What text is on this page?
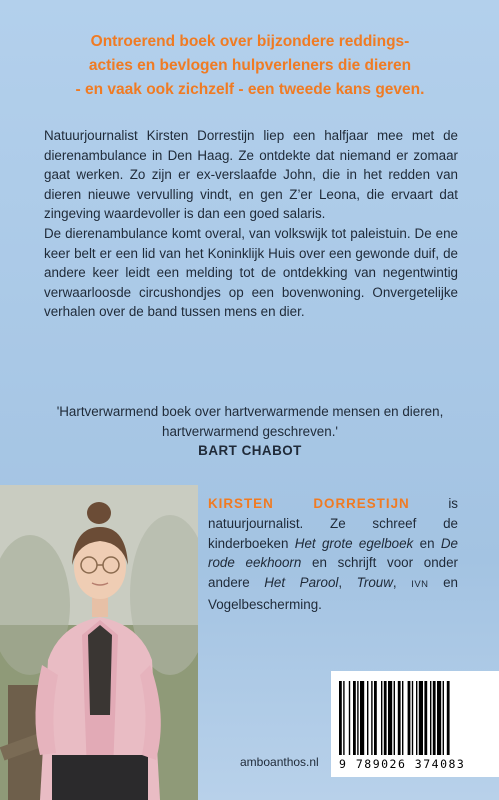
Ontroerend boek over bijzondere reddings-
acties en bevlogen hulpverleners die dieren
- en vaak ook zichzelf - een tweede kans geven.

Natuurjournalist Kirsten Dorrestijn liep een halfjaar mee met de dierenambulance in Den Haag. Ze ontdekte dat niemand er zomaar gaat werken. Zo zijn er ex-verslaafde John, die in het redden van dieren nieuwe vervulling vindt, en gen Z’er Leona, die ervaart dat zingeving waardevoller is dan een goed salaris.

De dierenambulance komt overal, van volkswijk tot paleistuin. De ene keer belt er een lid van het Koninklijk Huis over een gewonde duif, de andere keer leidt een melding tot de ontdekking van negentwintig verwaarloosde circushondjes op een bovenwoning. Onvergetelijke verhalen over de band tussen mens en dier.

'Hartverwarmend boek over hartverwarmende mensen en dieren, hartverwarmend geschreven.'
BART CHABOT
KIRSTEN DORRESTIJN is natuurjournalist. Ze schreef de kinderboeken Het grote egelboek en De rode eekhoorn en schrijft voor onder andere Het Parool, Trouw, IVN en Vogelbescherming.
amboanthos.nl 9 789026 374083
